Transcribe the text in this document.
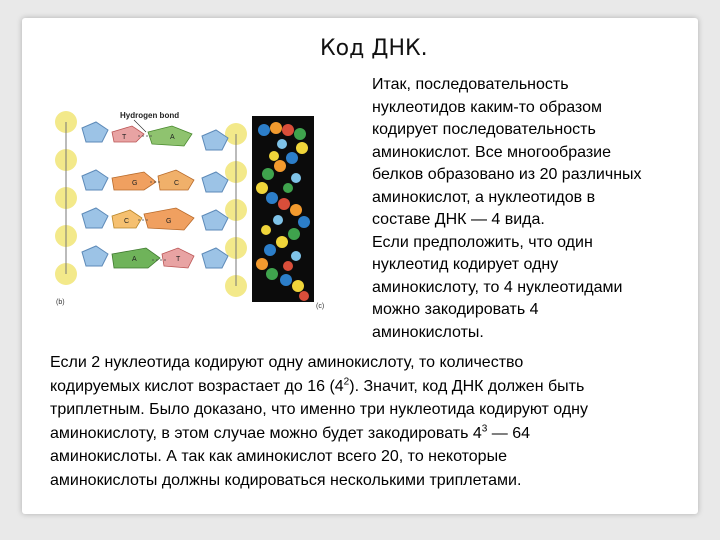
Код ДНК.
Hydrogen bond
T	A
G	C
C	G
A	T
(b)
(c)
Итак, последовательность
нуклеотидов каким-то образом
кодирует последовательность
аминокислот. Все многообразие
белков образовано из 20 различных
аминокислот, а нуклеотидов в
составе ДНК — 4 вида.
Если предположить, что один
нуклеотид кодирует одну
аминокислоту, то 4 нуклеотидами
можно закодировать 4
аминокислоты.
Если 2 нуклеотида кодируют одну аминокислоту, то количество
кодируемых кислот возрастает до 16 $(4^2)$. Значит, код ДНК должен быть
триплетным. Было доказано, что именно три нуклеотида кодируют одну
аминокислоту, в этом случае можно будет закодировать $4^3$ — 64
аминокислоты. А так как аминокислот всего 20, то некоторые
аминокислоты должны кодироваться несколькими триплетами.
